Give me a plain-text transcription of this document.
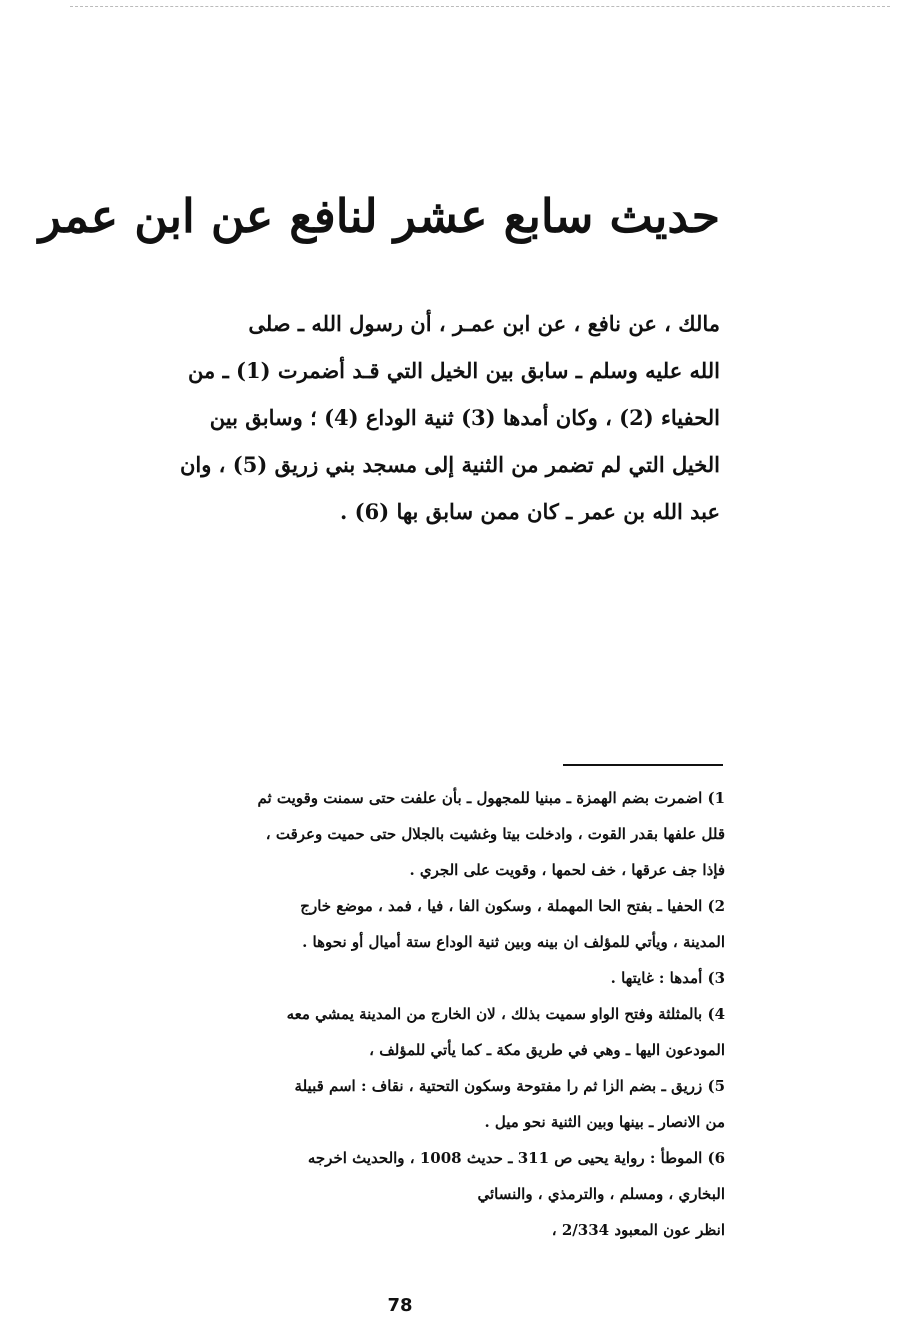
حديث سابع عشر لنافع عن ابن عمر
مالك ، عن نافع ، عن ابن عمـر ، أن رسول الله ـ صلى
الله عليه وسلم ـ سابق بين الخيل التي قـد أضمرت (1) ـ من
الحفياء (2) ، وكان أمدها (3) ثنية الوداع (4) ؛ وسابق بين
الخيل التي لم تضمر من الثنية إلى مسجد بني زريق (5) ، وان
عبد الله بن عمر ـ كان ممن سابق بها (6) .
1) اضمرت بضم الهمزة ـ مبنيا للمجهول ـ بأن علفت حتى سمنت وقويت ثم
قلل علفها بقدر القوت ، وادخلت بيتا وغشيت بالجلال حتى حميت وعرقت ،
فإذا جف عرقها ، خف لحمها ، وقويت على الجري .
2) الحفيا ـ بفتح الحا المهملة ، وسكون الفا ، فيا ، فمد ، موضع خارج
المدينة ، ويأتي للمؤلف ان بينه وبين ثنية الوداع ستة أميال أو نحوها .
3) أمدها : غايتها .
4) بالمثلثة وفتح الواو سميت بذلك ، لان الخارج من المدينة يمشي معه
المودعون اليها ـ وهي في طريق مكة ـ كما يأتي للمؤلف ،
5) زريق ـ بضم الزا ثم را مفتوحة وسكون التحتية ، نقاف : اسم قبيلة
من الانصار ـ بينها وبين الثنية نحو ميل .
6) الموطأ : رواية يحيى ص 311 ـ حديث 1008 ، والحديث اخرجه
البخاري ، ومسلم ، والترمذي ، والنسائي
انظر عون المعبود 2/334 ،
78
